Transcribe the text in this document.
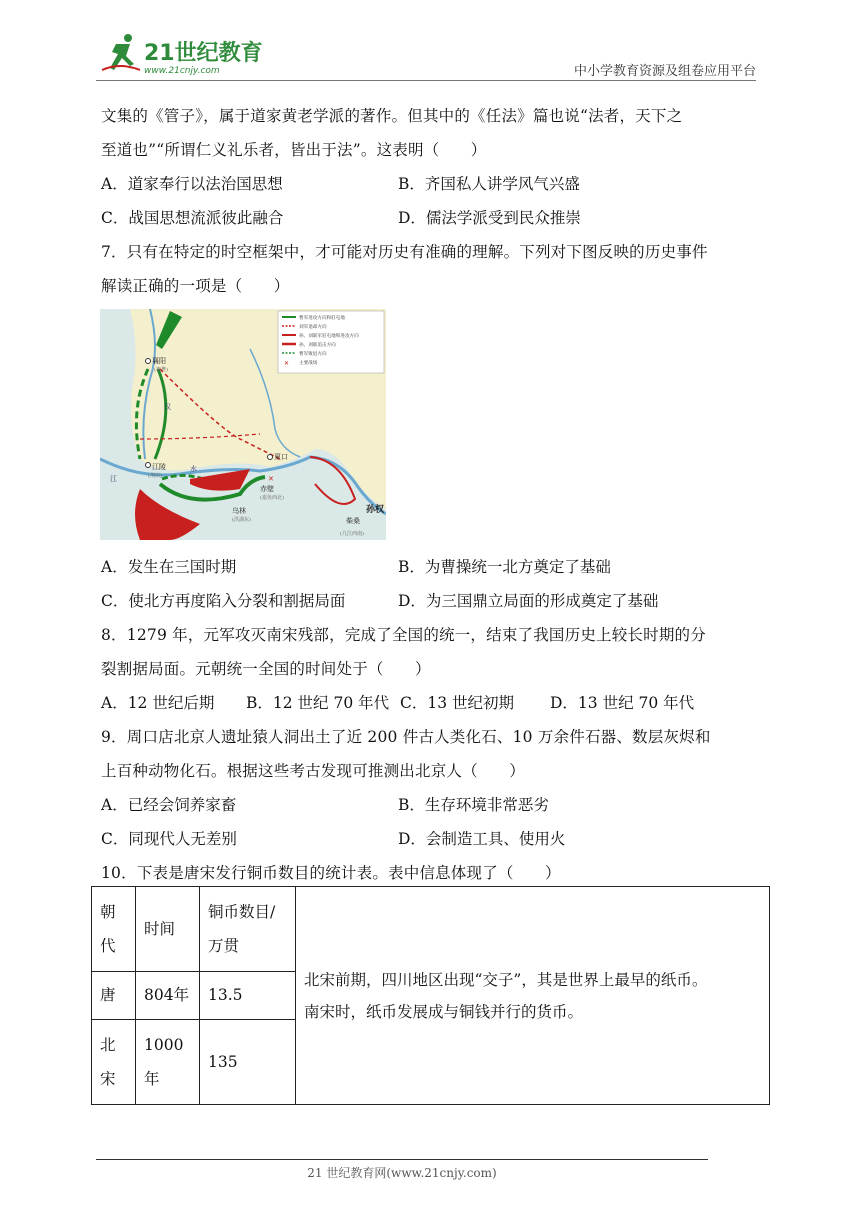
21世纪教育
www.21cnjy.com	中小学教育资源及组卷应用平台
文集的《管子》，属于道家黄老学派的著作。但其中的《任法》篇也说“法者，天下之
至道也”“所谓仁义礼乐者，皆出于法”。这表明（　　）
A．道家奉行以法治国思想	B．齐国私人讲学风气兴盛
C．战国思想流派彼此融合	D．儒法学派受到民众推崇
7．只有在特定的时空框架中，才可能对历史有准确的理解。下列对下图反映的历史事件
解读正确的一项是（　　）
曹军进攻方向和驻屯地
刘军退却方向
孙、刘联军驻屯地和进攻方向
孙、刘联追击方向
曹军败退方向
✕ 主要战场
襄阳
(襄樊)
江陵
(荆州)
夏口
赤壁
(嘉鱼西北)
乌林
(洪湖东)
孙权
柴桑
(九江西南)
汉
水
江	✕
A．发生在三国时期	B．为曹操统一北方奠定了基础
C．使北方再度陷入分裂和割据局面	D．为三国鼎立局面的形成奠定了基础
8．1279 年，元军攻灭南宋残部，完成了全国的统一，结束了我国历史上较长时期的分
裂割据局面。元朝统一全国的时间处于（　　）
A．12 世纪后期 B．12 世纪 70 年代 C．13 世纪初期 D．13 世纪 70 年代
9．周口店北京人遗址猿人洞出土了近 200 件古人类化石、10 万余件石器、数层灰烬和
上百种动物化石。根据这些考古发现可推测出北京人（　　）
A．已经会饲养家畜	B．生存环境非常恶劣
C．同现代人无差别	D．会制造工具、使用火
10．下表是唐宋发行铜币数目的统计表。表中信息体现了（　　）
朝代	时间	铜币数目/万贯	北宋前期，四川地区出现“交子”，其是世界上最早的纸币。
南宋时，纸币发展成与铜钱并行的货币。

唐	804年	13.5	
北宋	1000年	135	
21 世纪教育网(www.21cnjy.com)
